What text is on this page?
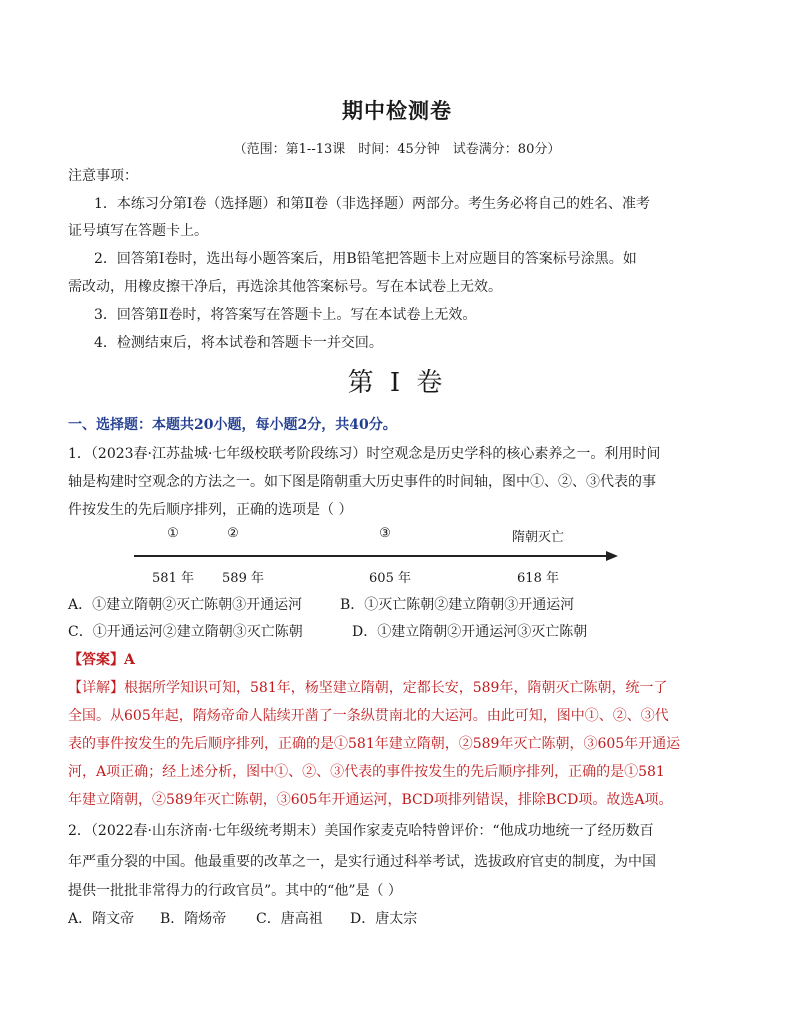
期中检测卷
（范围：第1--13课　时间：45分钟　试卷满分：80分）
注意事项：
1．本练习分第Ⅰ卷（选择题）和第Ⅱ卷（非选择题）两部分。考生务必将自己的姓名、准考
证号填写在答题卡上。
2．回答第Ⅰ卷时，选出每小题答案后，用B铅笔把答题卡上对应题目的答案标号涂黑。如
需改动，用橡皮擦干净后，再选涂其他答案标号。写在本试卷上无效。
3．回答第Ⅱ卷时，将答案写在答题卡上。写在本试卷上无效。
4．检测结束后，将本试卷和答题卡一并交回。
第 I 卷
一、选择题：本题共20小题，每小题2分，共40分。
1．（2023春·江苏盐城·七年级校联考阶段练习）时空观念是历史学科的核心素养之一。利用时间
轴是构建时空观念的方法之一。如下图是隋朝重大历史事件的时间轴，图中①、②、③代表的事
件按发生的先后顺序排列，正确的选项是（ ）
①	②	③	隋朝灭亡
581 年 589 年	605 年	618 年
A．①建立隋朝②灭亡陈朝③开通运河	B．①灭亡陈朝②建立隋朝③开通运河
C．①开通运河②建立隋朝③灭亡陈朝	D．①建立隋朝②开通运河③灭亡陈朝
【答案】A
【详解】根据所学知识可知，581年，杨坚建立隋朝，定都长安，589年，隋朝灭亡陈朝，统一了
全国。从605年起，隋炀帝命人陆续开凿了一条纵贯南北的大运河。由此可知，图中①、②、③代
表的事件按发生的先后顺序排列，正确的是①581年建立隋朝，②589年灭亡陈朝，③605年开通运
河，A项正确；经上述分析，图中①、②、③代表的事件按发生的先后顺序排列，正确的是①581
年建立隋朝，②589年灭亡陈朝，③605年开通运河，BCD项排列错误，排除BCD项。故选A项。
2．（2022春·山东济南·七年级统考期末）美国作家麦克哈特曾评价：“他成功地统一了经历数百
年严重分裂的中国。他最重要的改革之一，是实行通过科举考试，选拔政府官吏的制度，为中国
提供一批批非常得力的行政官员”。其中的“他”是（ ）
A．隋文帝 B．隋炀帝 C．唐高祖 D．唐太宗
